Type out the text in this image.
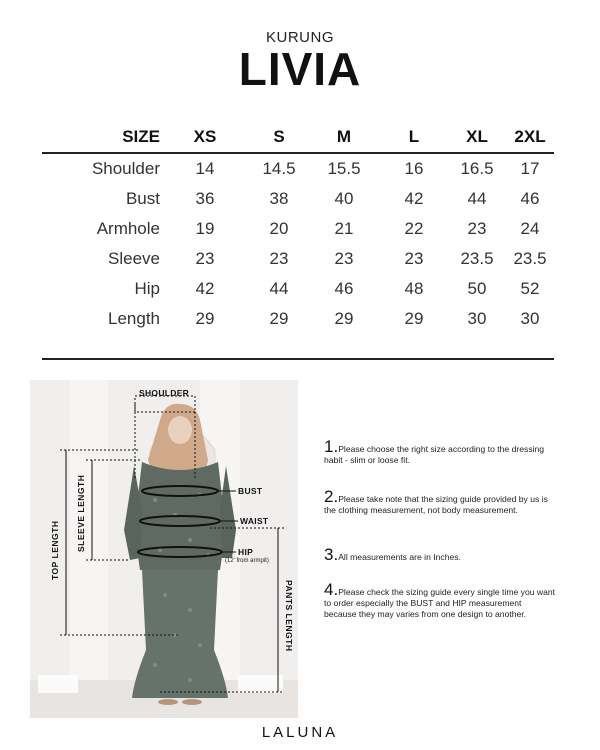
KURUNG
LIVIA
SIZE	XS	S	M	L	XL	2XL
Shoulder	14	14.5	15.5	16	16.5	17
Bust	36	38	40	42	44	46
Armhole	19	20	21	22	23	24
Sleeve	23	23	23	23	23.5	23.5
Hip	42	44	46	48	50	52
Length	29	29	29	29	30	30
SHOULDER
BUST
WAIST
HIP
(12' from armpit)
TOP LENGTH SLEEVE LENGTH
PANTS LENGTH
1.Please choose the right size according to the dressing habit - slim or loose fit.
2.Please take note that the sizing guide provided by us is the clothing measurement, not body measurement.
3.All measurements are in Inches.
4.Please check the sizing guide every single time you want to order especially the BUST and HIP measurement because they may varies from one design to another.
LALUNA
